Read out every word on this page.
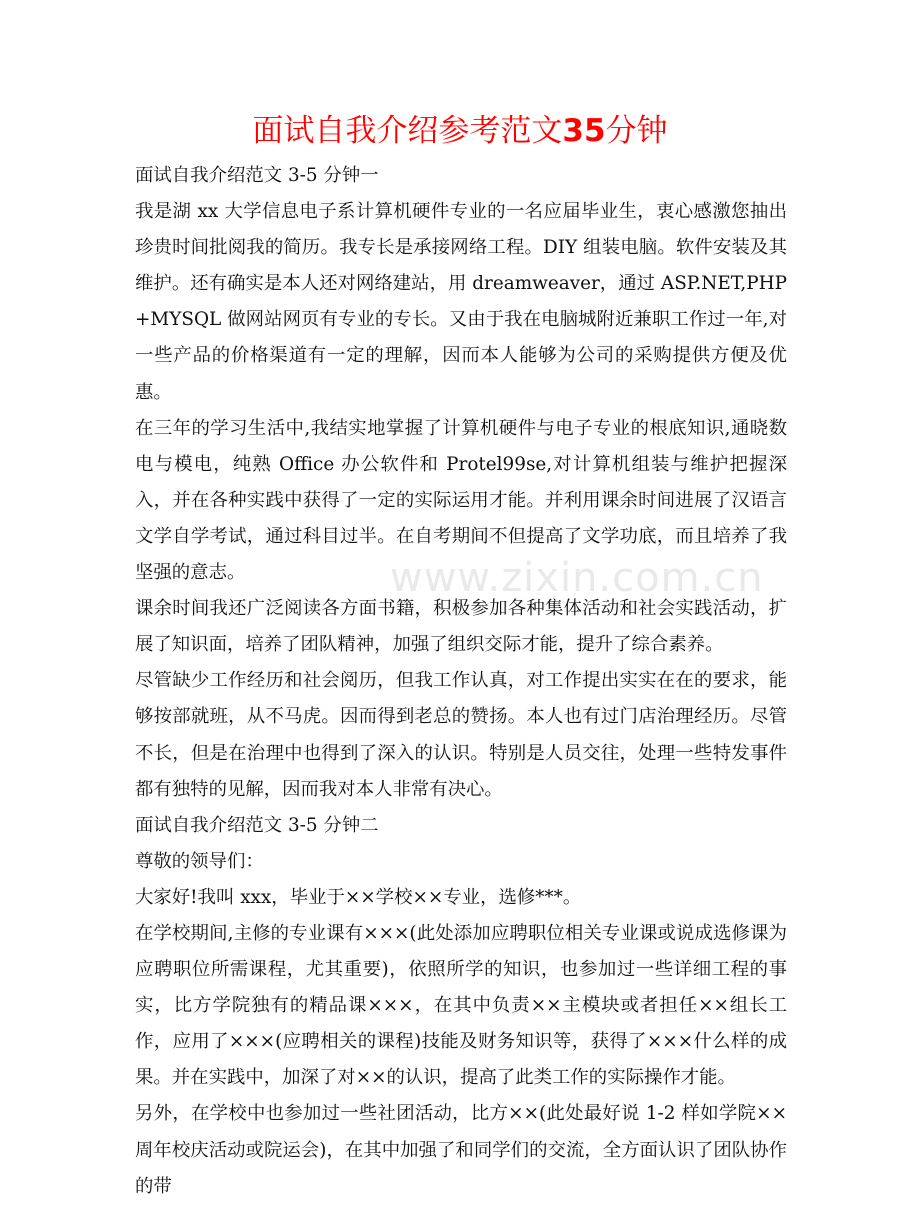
面试自我介绍参考范文35分钟
www.zixin.com.cn

面试自我介绍范文 3-5 分钟一

我是湖 xx 大学信息电子系计算机硬件专业的一名应届毕业生，衷心感激您抽出珍贵时间批阅我的简历。我专长是承接网络工程。DIY 组装电脑。软件安装及其维护。还有确实是本人还对网络建站，用 dreamweaver，通过 ASP.NET,PHP+MYSQL 做网站网页有专业的专长。又由于我在电脑城附近兼职工作过一年,对一些产品的价格渠道有一定的理解，因而本人能够为公司的采购提供方便及优惠。

在三年的学习生活中,我结实地掌握了计算机硬件与电子专业的根底知识,通晓数电与模电，纯熟 Office 办公软件和 Protel99se,对计算机组装与维护把握深入，并在各种实践中获得了一定的实际运用才能。并利用课余时间进展了汉语言文学自学考试，通过科目过半。在自考期间不但提高了文学功底，而且培养了我坚强的意志。

课余时间我还广泛阅读各方面书籍，积极参加各种集体活动和社会实践活动，扩展了知识面，培养了团队精神，加强了组织交际才能，提升了综合素养。

尽管缺少工作经历和社会阅历，但我工作认真，对工作提出实实在在的要求，能够按部就班，从不马虎。因而得到老总的赞扬。本人也有过门店治理经历。尽管不长，但是在治理中也得到了深入的认识。特别是人员交往，处理一些特发事件都有独特的见解，因而我对本人非常有决心。

面试自我介绍范文 3-5 分钟二

尊敬的领导们：

大家好!我叫 xxx，毕业于××学校××专业，选修***。

在学校期间,主修的专业课有×××(此处添加应聘职位相关专业课或说成选修课为应聘职位所需课程，尤其重要)，依照所学的知识，也参加过一些详细工程的事实，比方学院独有的精品课×××，在其中负责××主模块或者担任××组长工作，应用了×××(应聘相关的课程)技能及财务知识等，获得了×××什么样的成果。并在实践中，加深了对××的认识，提高了此类工作的实际操作才能。

另外，在学校中也参加过一些社团活动，比方××(此处最好说 1-2 样如学院××周年校庆活动或院运会)，在其中加强了和同学们的交流，全方面认识了团队协作的带
